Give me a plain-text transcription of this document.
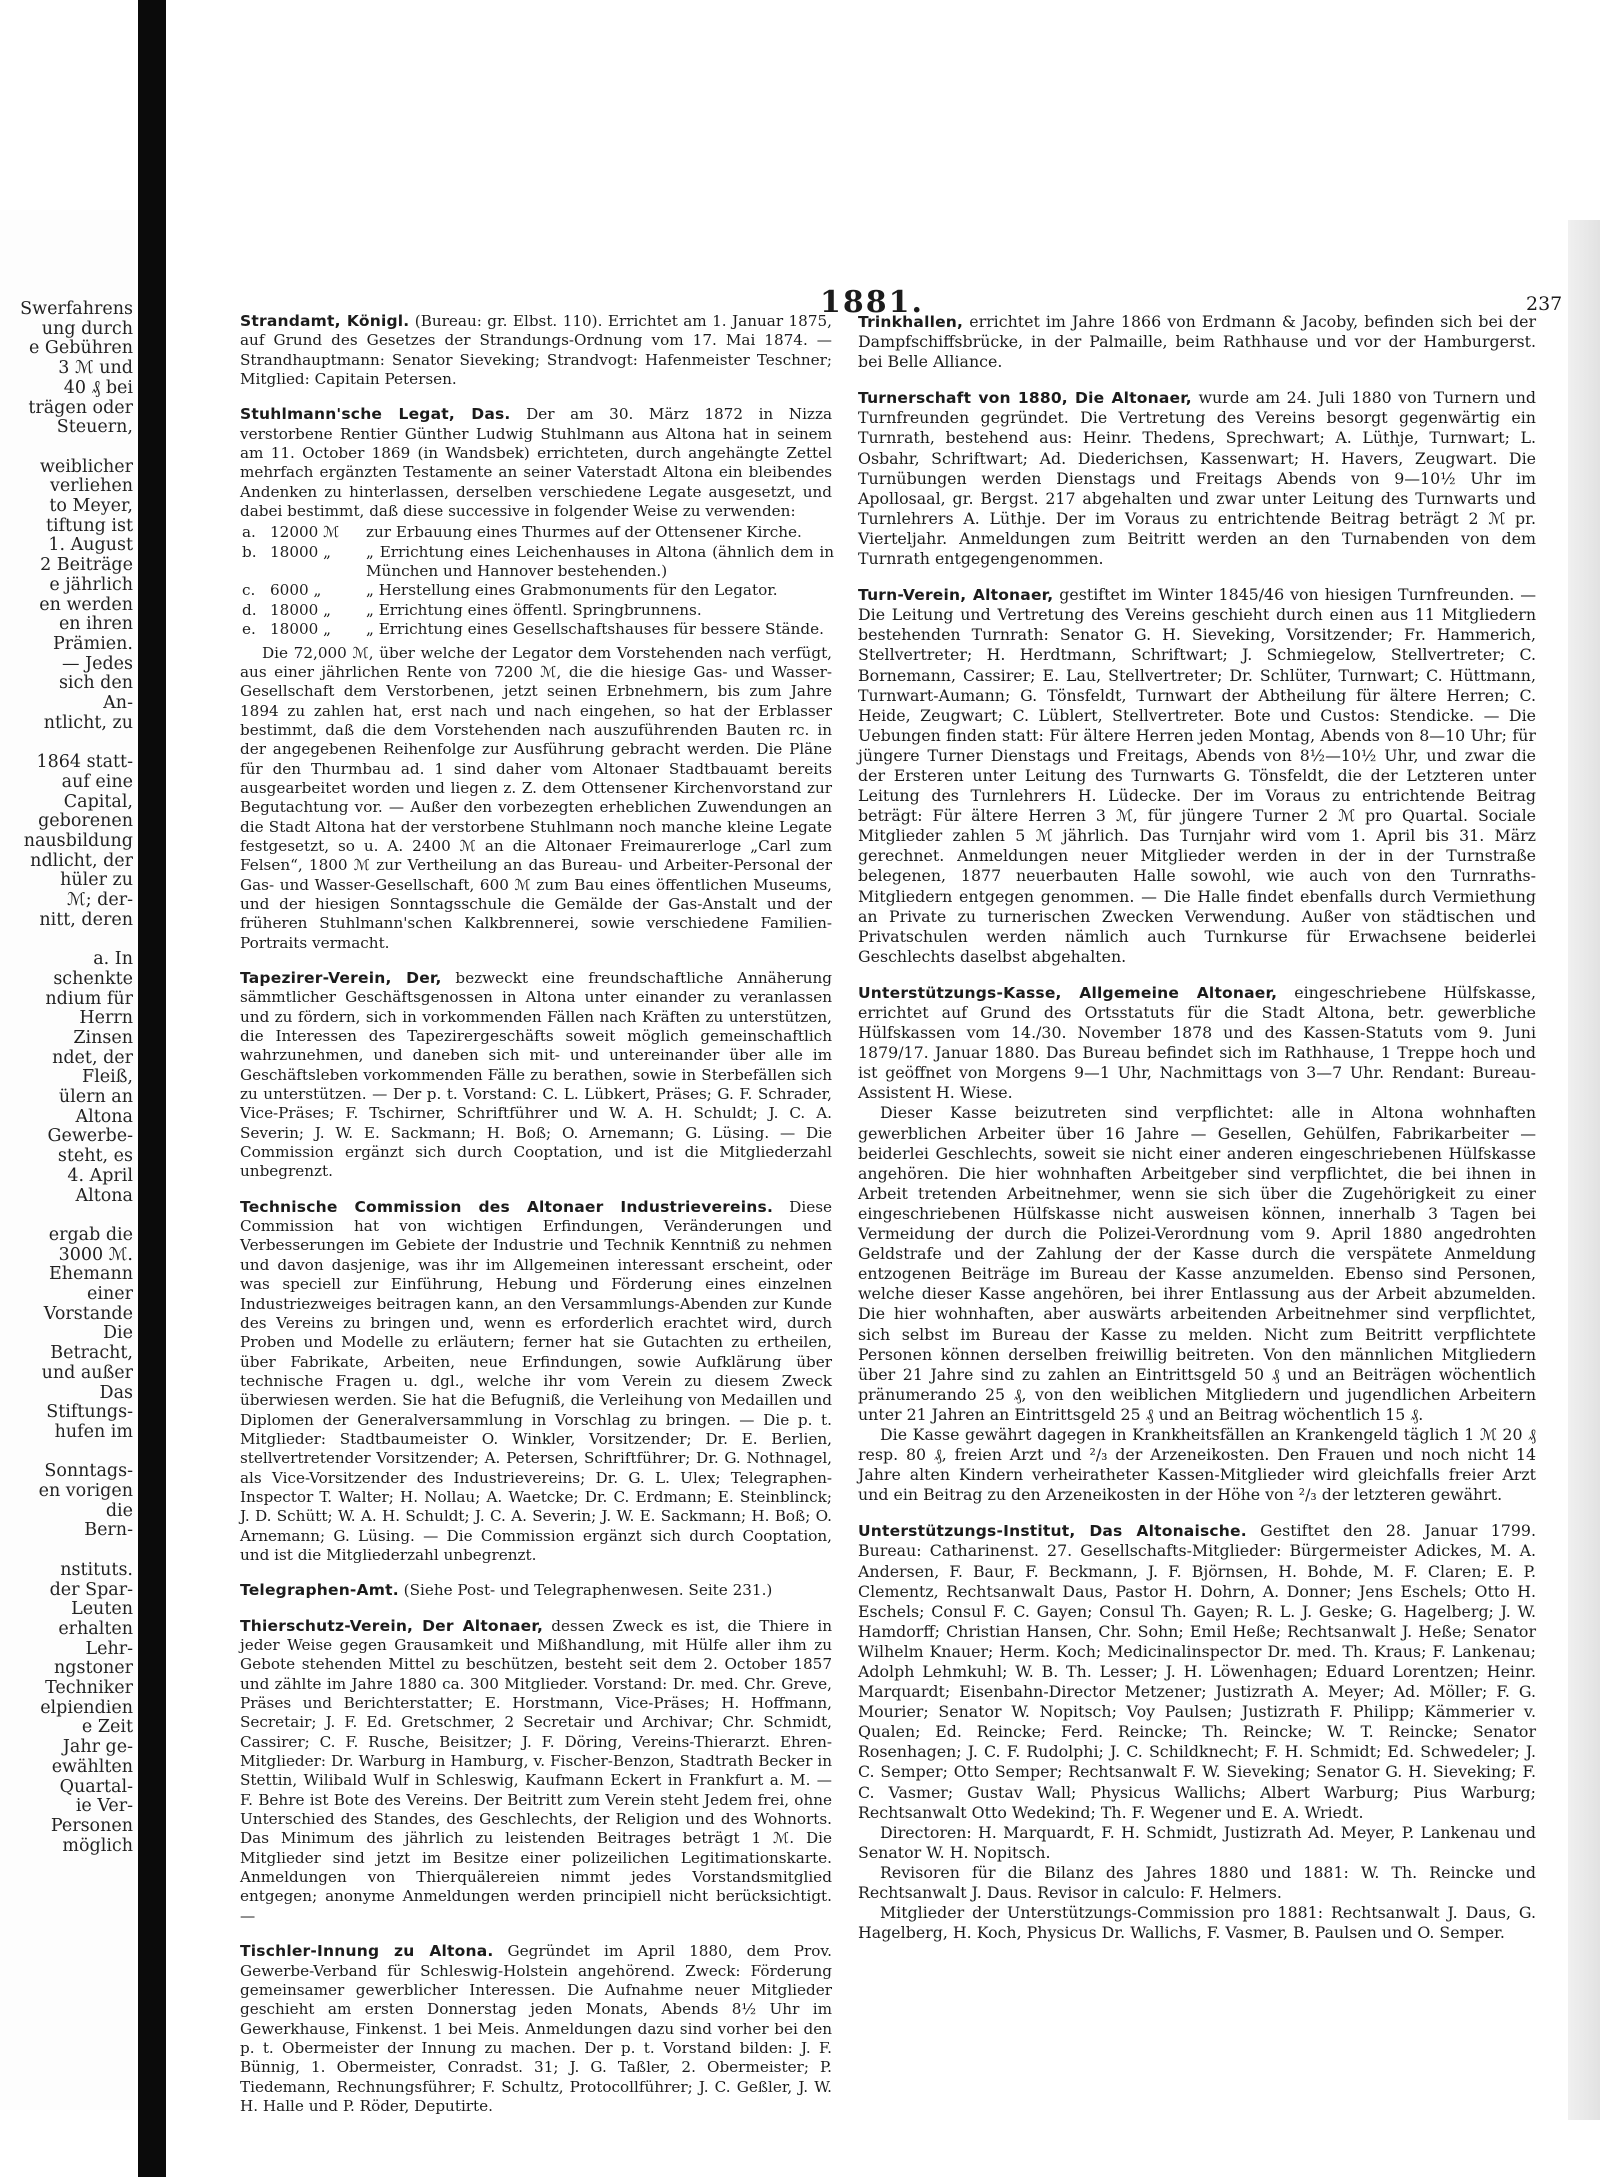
Swerfahrens
ung durch
e Gebühren
3 ℳ und
40 ₰ bei
trägen oder
Steuern,
weiblicher
verliehen
to Meyer,
tiftung ist
1. August
2 Beiträge
e jährlich
en werden
en ihren
Prämien.
— Jedes
sich den
An-
ntlicht, zu
1864 statt-
auf eine
Capital,
geborenen
nausbildung
ndlicht, der
hüler zu
ℳ; der-
nitt, deren
a. In
schenkte
ndium für
Herrn
Zinsen
ndet, der
Fleiß,
ülern an
Altona
Gewerbe-
steht, es
4. April
Altona
ergab die
3000 ℳ.
Ehemann
einer
Vorstande
Die
Betracht,
und außer
Das
Stiftungs-
hufen im
Sonntags-
en vorigen
die
Bern-
nstituts.
der Spar-
Leuten
erhalten
Lehr-
ngstoner
Techniker
elpiendien
e Zeit
Jahr ge-
ewählten
Quartal-
ie Ver-
Personen
möglich
1881.	237
Strandamt, Königl. (Bureau: gr. Elbst. 110). Errichtet am 1. Januar 1875, auf Grund des Gesetzes der Strandungs-Ordnung vom 17. Mai 1874. — Strandhauptmann: Senator Sieveking; Strandvogt: Hafenmeister Teschner; Mitglied: Capitain Petersen.
Stuhlmann'sche Legat, Das. Der am 30. März 1872 in Nizza verstorbene Rentier Günther Ludwig Stuhlmann aus Altona hat in seinem am 11. October 1869 (in Wandsbek) errichteten, durch angehängte Zettel mehrfach ergänzten Testamente an seiner Vaterstadt Altona ein bleibendes Andenken zu hinterlassen, derselben verschiedene Legate ausgesetzt, und dabei bestimmt, daß diese successive in folgender Weise zu verwenden:
a.	12000 ℳ	zur Erbauung eines Thurmes auf der Ottensener Kirche.
b.	18000 „	„ Errichtung eines Leichenhauses in Altona (ähnlich dem in München und Hannover bestehenden.)
c.	6000 „	„ Herstellung eines Grabmonuments für den Legator.
d.	18000 „	„ Errichtung eines öffentl. Springbrunnens.
e.	18000 „	„ Errichtung eines Gesellschaftshauses für bessere Stände.

Die 72,000 ℳ, über welche der Legator dem Vorstehenden nach verfügt, aus einer jährlichen Rente von 7200 ℳ, die die hiesige Gas- und Wasser-Gesellschaft dem Verstorbenen, jetzt seinen Erbnehmern, bis zum Jahre 1894 zu zahlen hat, erst nach und nach eingehen, so hat der Erblasser bestimmt, daß die dem Vorstehenden nach auszuführenden Bauten rc. in der angegebenen Reihenfolge zur Ausführung gebracht werden. Die Pläne für den Thurmbau ad. 1 sind daher vom Altonaer Stadtbauamt bereits ausgearbeitet worden und liegen z. Z. dem Ottensener Kirchenvorstand zur Begutachtung vor. — Außer den vorbezegten erheblichen Zuwendungen an die Stadt Altona hat der verstorbene Stuhlmann noch manche kleine Legate festgesetzt, so u. A. 2400 ℳ an die Altonaer Freimaurerloge „Carl zum Felsen“, 1800 ℳ zur Vertheilung an das Bureau- und Arbeiter-Personal der Gas- und Wasser-Gesellschaft, 600 ℳ zum Bau eines öffentlichen Museums, und der hiesigen Sonntagsschule die Gemälde der Gas-Anstalt und der früheren Stuhlmann'schen Kalkbrennerei, sowie verschiedene Familien-Portraits vermacht.

Tapezirer-Verein, Der, bezweckt eine freundschaftliche Annäherung sämmtlicher Geschäftsgenossen in Altona unter einander zu veranlassen und zu fördern, sich in vorkommenden Fällen nach Kräften zu unterstützen, die Interessen des Tapezirergeschäfts soweit möglich gemeinschaftlich wahrzunehmen, und daneben sich mit- und untereinander über alle im Geschäftsleben vorkommenden Fälle zu berathen, sowie in Sterbefällen sich zu unterstützen. — Der p. t. Vorstand: C. L. Lübkert, Präses; G. F. Schrader, Vice-Präses; F. Tschirner, Schriftführer und W. A. H. Schuldt; J. C. A. Severin; J. W. E. Sackmann; H. Boß; O. Arnemann; G. Lüsing. — Die Commission ergänzt sich durch Cooptation, und ist die Mitgliederzahl unbegrenzt.
Technische Commission des Altonaer Industrievereins. Diese Commission hat von wichtigen Erfindungen, Veränderungen und Verbesserungen im Gebiete der Industrie und Technik Kenntniß zu nehmen und davon dasjenige, was ihr im Allgemeinen interessant erscheint, oder was speciell zur Einführung, Hebung und Förderung eines einzelnen Industriezweiges beitragen kann, an den Versammlungs-Abenden zur Kunde des Vereins zu bringen und, wenn es erforderlich erachtet wird, durch Proben und Modelle zu erläutern; ferner hat sie Gutachten zu ertheilen, über Fabrikate, Arbeiten, neue Erfindungen, sowie Aufklärung über technische Fragen u. dgl., welche ihr vom Verein zu diesem Zweck überwiesen werden. Sie hat die Befugniß, die Verleihung von Medaillen und Diplomen der Generalversammlung in Vorschlag zu bringen. — Die p. t. Mitglieder: Stadtbaumeister O. Winkler, Vorsitzender; Dr. E. Berlien, stellvertretender Vorsitzender; A. Petersen, Schriftführer; Dr. G. Nothnagel, als Vice-Vorsitzender des Industrievereins; Dr. G. L. Ulex; Telegraphen-Inspector T. Walter; H. Nollau; A. Waetcke; Dr. C. Erdmann; E. Steinblinck; J. D. Schütt; W. A. H. Schuldt; J. C. A. Severin; J. W. E. Sackmann; H. Boß; O. Arnemann; G. Lüsing. — Die Commission ergänzt sich durch Cooptation, und ist die Mitgliederzahl unbegrenzt.
Telegraphen-Amt. (Siehe Post- und Telegraphenwesen. Seite 231.)
Thierschutz-Verein, Der Altonaer, dessen Zweck es ist, die Thiere in jeder Weise gegen Grausamkeit und Mißhandlung, mit Hülfe aller ihm zu Gebote stehenden Mittel zu beschützen, besteht seit dem 2. October 1857 und zählte im Jahre 1880 ca. 300 Mitglieder. Vorstand: Dr. med. Chr. Greve, Präses und Berichterstatter; E. Horstmann, Vice-Präses; H. Hoffmann, Secretair; J. F. Ed. Gretschmer, 2 Secretair und Archivar; Chr. Schmidt, Cassirer; C. F. Rusche, Beisitzer; J. F. Döring, Vereins-Thierarzt. Ehren-Mitglieder: Dr. Warburg in Hamburg, v. Fischer-Benzon, Stadtrath Becker in Stettin, Wilibald Wulf in Schleswig, Kaufmann Eckert in Frankfurt a. M. — F. Behre ist Bote des Vereins. Der Beitritt zum Verein steht Jedem frei, ohne Unterschied des Standes, des Geschlechts, der Religion und des Wohnorts. Das Minimum des jährlich zu leistenden Beitrages beträgt 1 ℳ. Die Mitglieder sind jetzt im Besitze einer polizeilichen Legitimationskarte. Anmeldungen von Thierquälereien nimmt jedes Vorstandsmitglied entgegen; anonyme Anmeldungen werden principiell nicht berücksichtigt. —
Tischler-Innung zu Altona. Gegründet im April 1880, dem Prov. Gewerbe-Verband für Schleswig-Holstein angehörend. Zweck: Förderung gemeinsamer gewerblicher Interessen. Die Aufnahme neuer Mitglieder geschieht am ersten Donnerstag jeden Monats, Abends 8½ Uhr im Gewerkhause, Finkenst. 1 bei Meis. Anmeldungen dazu sind vorher bei den p. t. Obermeister der Innung zu machen. Der p. t. Vorstand bilden: J. F. Bünnig, 1. Obermeister, Conradst. 31; J. G. Taßler, 2. Obermeister; P. Tiedemann, Rechnungsführer; F. Schultz, Protocollführer; J. C. Geßler, J. W. H. Halle und P. Röder, Deputirte.
Trinkhallen, errichtet im Jahre 1866 von Erdmann & Jacoby, befinden sich bei der Dampfschiffsbrücke, in der Palmaille, beim Rathhause und vor der Hamburgerst. bei Belle Alliance.
Turnerschaft von 1880, Die Altonaer, wurde am 24. Juli 1880 von Turnern und Turnfreunden gegründet. Die Vertretung des Vereins besorgt gegenwärtig ein Turnrath, bestehend aus: Heinr. Thedens, Sprechwart; A. Lüthje, Turnwart; L. Osbahr, Schriftwart; Ad. Diederichsen, Kassenwart; H. Havers, Zeugwart. Die Turnübungen werden Dienstags und Freitags Abends von 9—10½ Uhr im Apollosaal, gr. Bergst. 217 abgehalten und zwar unter Leitung des Turnwarts und Turnlehrers A. Lüthje. Der im Voraus zu entrichtende Beitrag beträgt 2 ℳ pr. Vierteljahr. Anmeldungen zum Beitritt werden an den Turnabenden von dem Turnrath entgegengenommen.
Turn-Verein, Altonaer, gestiftet im Winter 1845/46 von hiesigen Turnfreunden. — Die Leitung und Vertretung des Vereins geschieht durch einen aus 11 Mitgliedern bestehenden Turnrath: Senator G. H. Sieveking, Vorsitzender; Fr. Hammerich, Stellvertreter; H. Herdtmann, Schriftwart; J. Schmiegelow, Stellvertreter; C. Bornemann, Cassirer; E. Lau, Stellvertreter; Dr. Schlüter, Turnwart; C. Hüttmann, Turnwart-Aumann; G. Tönsfeldt, Turnwart der Abtheilung für ältere Herren; C. Heide, Zeugwart; C. Lüblert, Stellvertreter. Bote und Custos: Stendicke. — Die Uebungen finden statt: Für ältere Herren jeden Montag, Abends von 8—10 Uhr; für jüngere Turner Dienstags und Freitags, Abends von 8½—10½ Uhr, und zwar die der Ersteren unter Leitung des Turnwarts G. Tönsfeldt, die der Letzteren unter Leitung des Turnlehrers H. Lüdecke. Der im Voraus zu entrichtende Beitrag beträgt: Für ältere Herren 3 ℳ, für jüngere Turner 2 ℳ pro Quartal. Sociale Mitglieder zahlen 5 ℳ jährlich. Das Turnjahr wird vom 1. April bis 31. März gerechnet. Anmeldungen neuer Mitglieder werden in der in der Turnstraße belegenen, 1877 neuerbauten Halle sowohl, wie auch von den Turnraths-Mitgliedern entgegen genommen. — Die Halle findet ebenfalls durch Vermiethung an Private zu turnerischen Zwecken Verwendung. Außer von städtischen und Privatschulen werden nämlich auch Turnkurse für Erwachsene beiderlei Geschlechts daselbst abgehalten.
Unterstützungs-Kasse, Allgemeine Altonaer, eingeschriebene Hülfskasse, errichtet auf Grund des Ortsstatuts für die Stadt Altona, betr. gewerbliche Hülfskassen vom 14./30. November 1878 und des Kassen-Statuts vom 9. Juni 1879/17. Januar 1880. Das Bureau befindet sich im Rathhause, 1 Treppe hoch und ist geöffnet von Morgens 9—1 Uhr, Nachmittags von 3—7 Uhr. Rendant: Bureau-Assistent H. Wiese.

Dieser Kasse beizutreten sind verpflichtet: alle in Altona wohnhaften gewerblichen Arbeiter über 16 Jahre — Gesellen, Gehülfen, Fabrikarbeiter — beiderlei Geschlechts, soweit sie nicht einer anderen eingeschriebenen Hülfskasse angehören. Die hier wohnhaften Arbeitgeber sind verpflichtet, die bei ihnen in Arbeit tretenden Arbeitnehmer, wenn sie sich über die Zugehörigkeit zu einer eingeschriebenen Hülfskasse nicht ausweisen können, innerhalb 3 Tagen bei Vermeidung der durch die Polizei-Verordnung vom 9. April 1880 angedrohten Geldstrafe und der Zahlung der der Kasse durch die verspätete Anmeldung entzogenen Beiträge im Bureau der Kasse anzumelden. Ebenso sind Personen, welche dieser Kasse angehören, bei ihrer Entlassung aus der Arbeit abzumelden. Die hier wohnhaften, aber auswärts arbeitenden Arbeitnehmer sind verpflichtet, sich selbst im Bureau der Kasse zu melden. Nicht zum Beitritt verpflichtete Personen können derselben freiwillig beitreten. Von den männlichen Mitgliedern über 21 Jahre sind zu zahlen an Eintrittsgeld 50 ₰ und an Beiträgen wöchentlich pränumerando 25 ₰, von den weiblichen Mitgliedern und jugendlichen Arbeitern unter 21 Jahren an Eintrittsgeld 25 ₰ und an Beitrag wöchentlich 15 ₰.

Die Kasse gewährt dagegen in Krankheitsfällen an Krankengeld täglich 1 ℳ 20 ₰ resp. 80 ₰, freien Arzt und ²/₃ der Arzeneikosten. Den Frauen und noch nicht 14 Jahre alten Kindern verheiratheter Kassen-Mitglieder wird gleichfalls freier Arzt und ein Beitrag zu den Arzeneikosten in der Höhe von ²/₃ der letzteren gewährt.

Unterstützungs-Institut, Das Altonaische. Gestiftet den 28. Januar 1799. Bureau: Catharinenst. 27. Gesellschafts-Mitglieder: Bürgermeister Adickes, M. A. Andersen, F. Baur, F. Beckmann, J. F. Björnsen, H. Bohde, M. F. Claren; E. P. Clementz, Rechtsanwalt Daus, Pastor H. Dohrn, A. Donner; Jens Eschels; Otto H. Eschels; Consul F. C. Gayen; Consul Th. Gayen; R. L. J. Geske; G. Hagelberg; J. W. Hamdorff; Christian Hansen, Chr. Sohn; Emil Heße; Rechtsanwalt J. Heße; Senator Wilhelm Knauer; Herm. Koch; Medicinalinspector Dr. med. Th. Kraus; F. Lankenau; Adolph Lehmkuhl; W. B. Th. Lesser; J. H. Löwenhagen; Eduard Lorentzen; Heinr. Marquardt; Eisenbahn-Director Metzener; Justizrath A. Meyer; Ad. Möller; F. G. Mourier; Senator W. Nopitsch; Voy Paulsen; Justizrath F. Philipp; Kämmerier v. Qualen; Ed. Reincke; Ferd. Reincke; Th. Reincke; W. T. Reincke; Senator Rosenhagen; J. C. F. Rudolphi; J. C. Schildknecht; F. H. Schmidt; Ed. Schwedeler; J. C. Semper; Otto Semper; Rechtsanwalt F. W. Sieveking; Senator G. H. Sieveking; F. C. Vasmer; Gustav Wall; Physicus Wallichs; Albert Warburg; Pius Warburg; Rechtsanwalt Otto Wedekind; Th. F. Wegener und E. A. Wriedt.

Directoren: H. Marquardt, F. H. Schmidt, Justizrath Ad. Meyer, P. Lankenau und Senator W. H. Nopitsch.

Revisoren für die Bilanz des Jahres 1880 und 1881: W. Th. Reincke und Rechtsanwalt J. Daus. Revisor in calculo: F. Helmers.

Mitglieder der Unterstützungs-Commission pro 1881: Rechtsanwalt J. Daus, G. Hagelberg, H. Koch, Physicus Dr. Wallichs, F. Vasmer, B. Paulsen und O. Semper.
